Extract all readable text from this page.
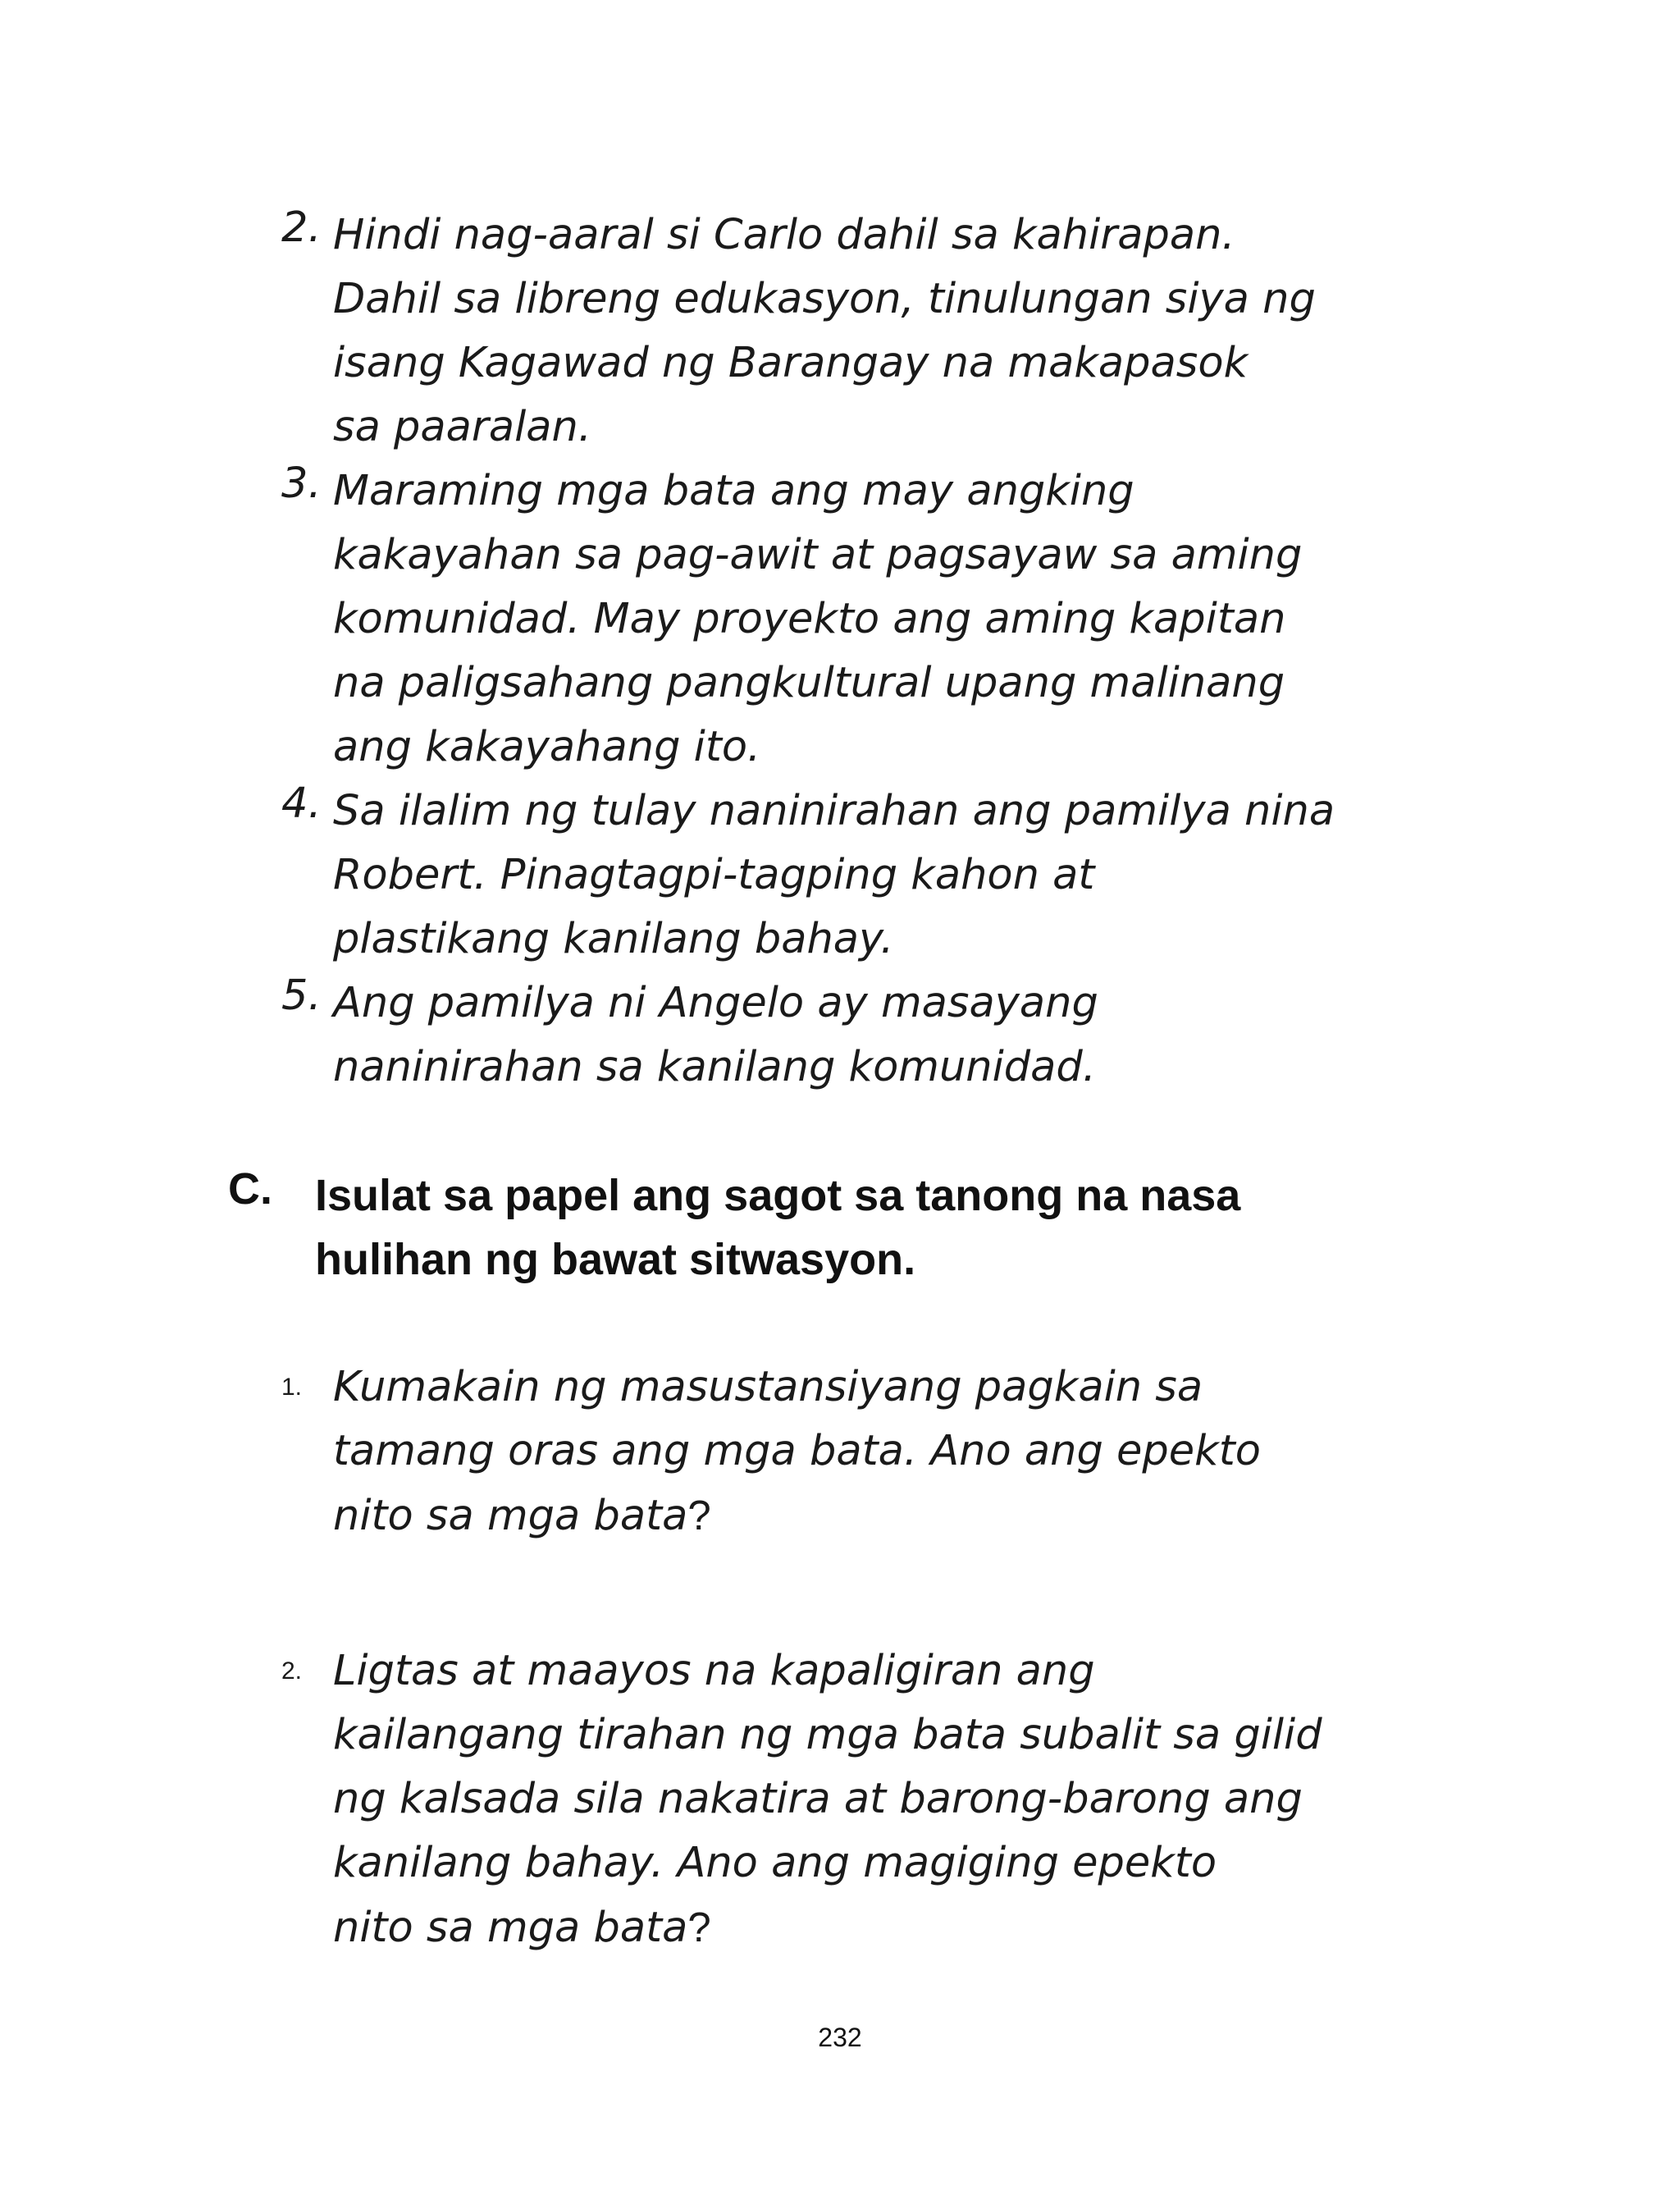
2. Hindi nag-aaral si Carlo dahil sa kahirapan.
Dahil sa libreng edukasyon, tinulungan siya ng
isang Kagawad ng Barangay na makapasok
sa paaralan.
3. Maraming mga bata ang may angking
kakayahan sa pag-awit at pagsayaw sa aming
komunidad. May proyekto ang aming kapitan
na paligsahang pangkultural upang malinang
ang kakayahang ito.
4. Sa ilalim ng tulay naninirahan ang pamilya nina
Robert. Pinagtagpi-tagping kahon at
plastikang kanilang bahay.
5. Ang pamilya ni Angelo ay masayang
naninirahan sa kanilang komunidad.
C. Isulat sa papel ang sagot sa tanong na nasa
hulihan ng bawat sitwasyon.
1. Kumakain ng masustansiyang pagkain sa
tamang oras ang mga bata. Ano ang epekto
nito sa mga bata?
2. Ligtas at maayos na kapaligiran ang
kailangang tirahan ng mga bata subalit sa gilid
ng kalsada sila nakatira at barong-barong ang
kanilang bahay. Ano ang magiging epekto
nito sa mga bata?
232
